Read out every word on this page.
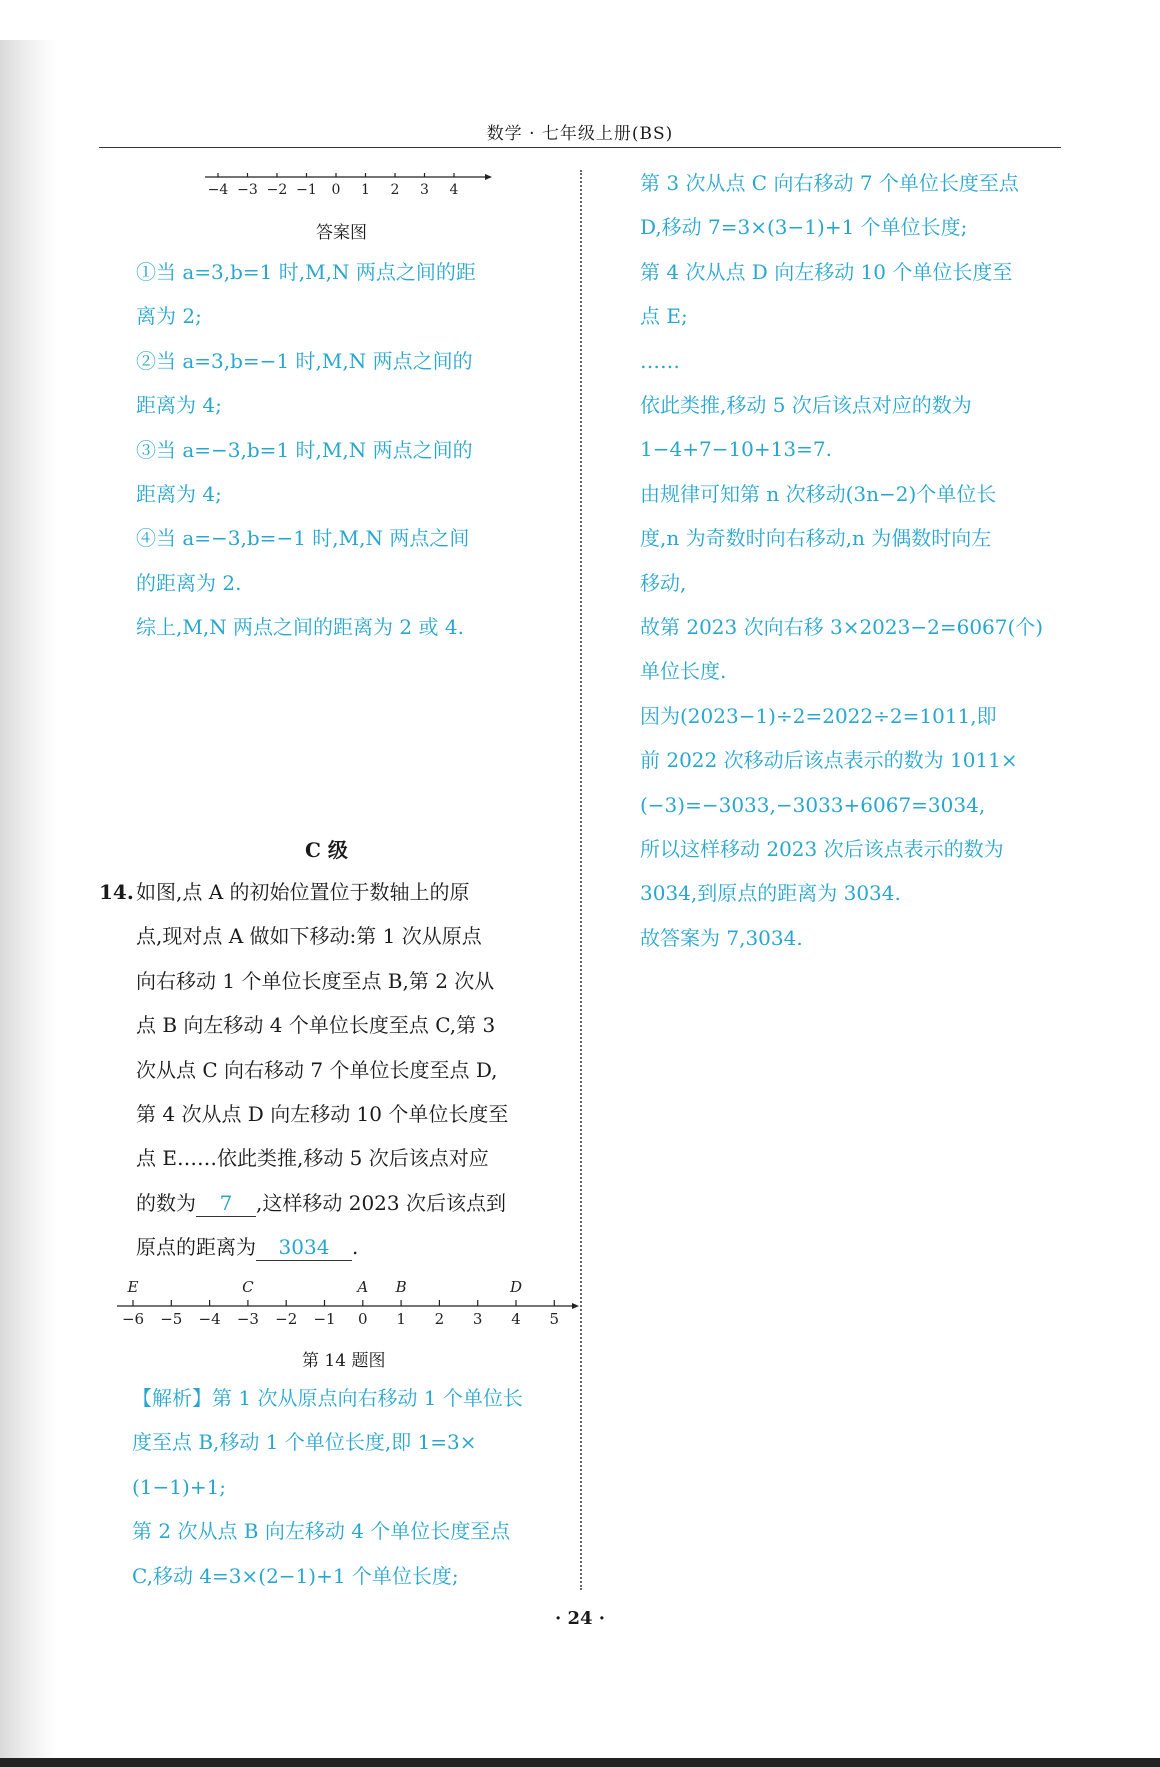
数学 · 七年级上册(BS)
−4 −3 −2 −1 0 1 2 3 4
答案图
①当 a=3,b=1 时,M,N 两点之间的距
离为 2;
②当 a=3,b=−1 时,M,N 两点之间的
距离为 4;
③当 a=−3,b=1 时,M,N 两点之间的
距离为 4;
④当 a=−3,b=−1 时,M,N 两点之间
的距离为 2.
综上,M,N 两点之间的距离为 2 或 4.
C 级
14. 如图,点 A 的初始位置位于数轴上的原
点,现对点 A 做如下移动:第 1 次从原点
向右移动 1 个单位长度至点 B,第 2 次从
点 B 向左移动 4 个单位长度至点 C,第 3
次从点 C 向右移动 7 个单位长度至点 D,
第 4 次从点 D 向左移动 10 个单位长度至
点 E……依此类推,移动 5 次后该点对应
的数为 7 ,这样移动 2023 次后该点到
原点的距离为 3034 .
−6 −5 −4 −3 −2 −1 0 1 2 3 4 5
E	C	A B	D
第 14 题图
【解析】第 1 次从原点向右移动 1 个单位长
度至点 B,移动 1 个单位长度,即 1=3×
(1−1)+1;
第 2 次从点 B 向左移动 4 个单位长度至点
C,移动 4=3×(2−1)+1 个单位长度;
第 3 次从点 C 向右移动 7 个单位长度至点
D,移动 7=3×(3−1)+1 个单位长度;
第 4 次从点 D 向左移动 10 个单位长度至
点 E;
……
依此类推,移动 5 次后该点对应的数为
1−4+7−10+13=7.
由规律可知第 n 次移动(3n−2)个单位长
度,n 为奇数时向右移动,n 为偶数时向左
移动,
故第 2023 次向右移 3×2023−2=6067(个)
单位长度.
因为(2023−1)÷2=2022÷2=1011,即
前 2022 次移动后该点表示的数为 1011×
(−3)=−3033,−3033+6067=3034,
所以这样移动 2023 次后该点表示的数为
3034,到原点的距离为 3034.
故答案为 7,3034.
· 24 ·
